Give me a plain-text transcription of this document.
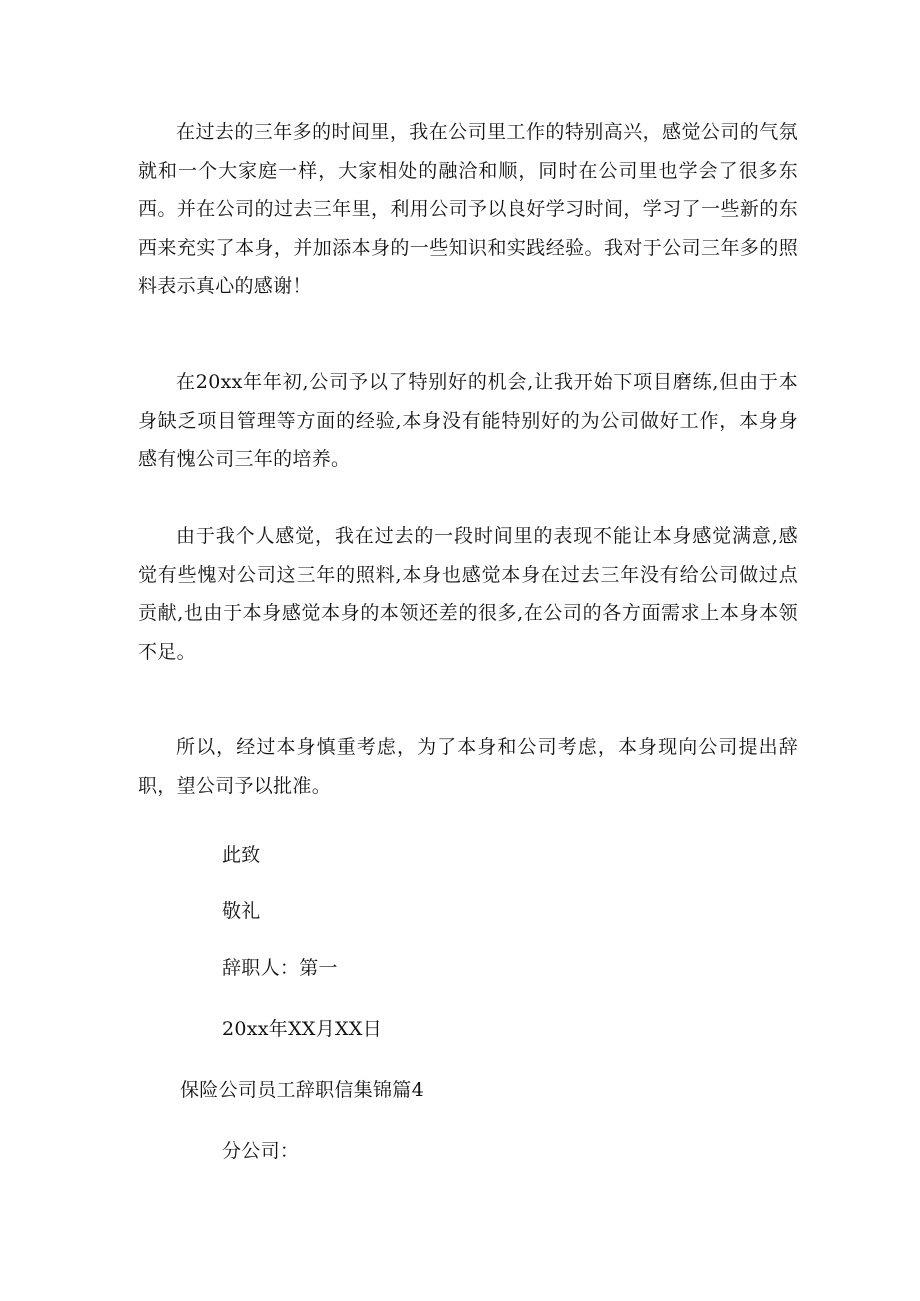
在过去的三年多的时间里，我在公司里工作的特别高兴，感觉公司的气氛就和一个大家庭一样，大家相处的融洽和顺，同时在公司里也学会了很多东西。并在公司的过去三年里，利用公司予以良好学习时间，学习了一些新的东西来充实了本身，并加添本身的一些知识和实践经验。我对于公司三年多的照料表示真心的感谢！

在20xx年年初,公司予以了特别好的机会,让我开始下项目磨练,但由于本身缺乏项目管理等方面的经验,本身没有能特别好的为公司做好工作，本身身感有愧公司三年的培养。

由于我个人感觉，我在过去的一段时间里的表现不能让本身感觉满意,感觉有些愧对公司这三年的照料,本身也感觉本身在过去三年没有给公司做过点贡献,也由于本身感觉本身的本领还差的很多,在公司的各方面需求上本身本领不足。

所以，经过本身慎重考虑，为了本身和公司考虑，本身现向公司提出辞职，望公司予以批准。

此致

敬礼

辞职人：第一

20xx年XX月XX日

保险公司员工辞职信集锦篇4

分公司：
